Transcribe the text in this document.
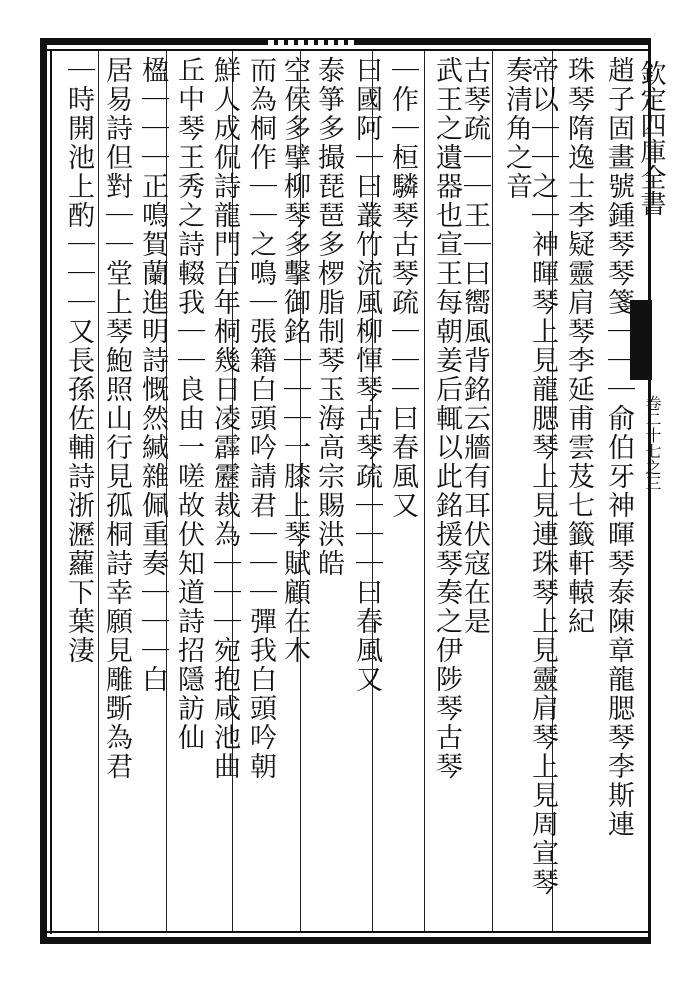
欽定四庫全書
卷二十七之三
趙子固畫號鍾琴琴箋｜｜｜俞伯牙神暉琴泰陳章龍腮琴李斯連
珠琴隋逸士李疑靈肩琴李延甫雲芨七籤軒轅紀
帝以｜｜之｜神暉琴上見龍腮琴上見連珠琴上見靈肩琴上見周宣琴
奏清角之音
古琴疏｜｜王｜曰嚮風背銘云牆有耳伏寇在是
武王之遺器也宣王每朝姜后輒以此銘援琴奏之伊陟琴古琴
｜作｜桓驎琴古琴疏｜｜｜曰春風又
曰國阿｜曰叢竹流風柳惲琴古琴疏｜｜｜曰春風又
泰箏多撮琵琶多椤脂制琴玉海高宗賜洪皓
空侯多擘柳琴多擊御銘｜｜｜一膝上琴賦顧在木
而為桐作｜｜之鳴｜張籍白頭吟請君｜｜｜彈我白頭吟朝
鮮人成侃詩龍門百年桐幾日凌霹靂裁為｜｜｜宛抱咸池曲
丘中琴王秀之詩輟我｜｜良由一嗟故伏知道詩招隱訪仙
楹｜｜｜正鳴賀蘭進明詩慨然緘雜佩重奏｜｜｜白
居易詩但對｜｜堂上琴鮑照山行見孤桐詩幸願見雕斲為君
｜時開池上酌｜｜｜又長孫佐輔詩浙瀝蘿下葉淒
